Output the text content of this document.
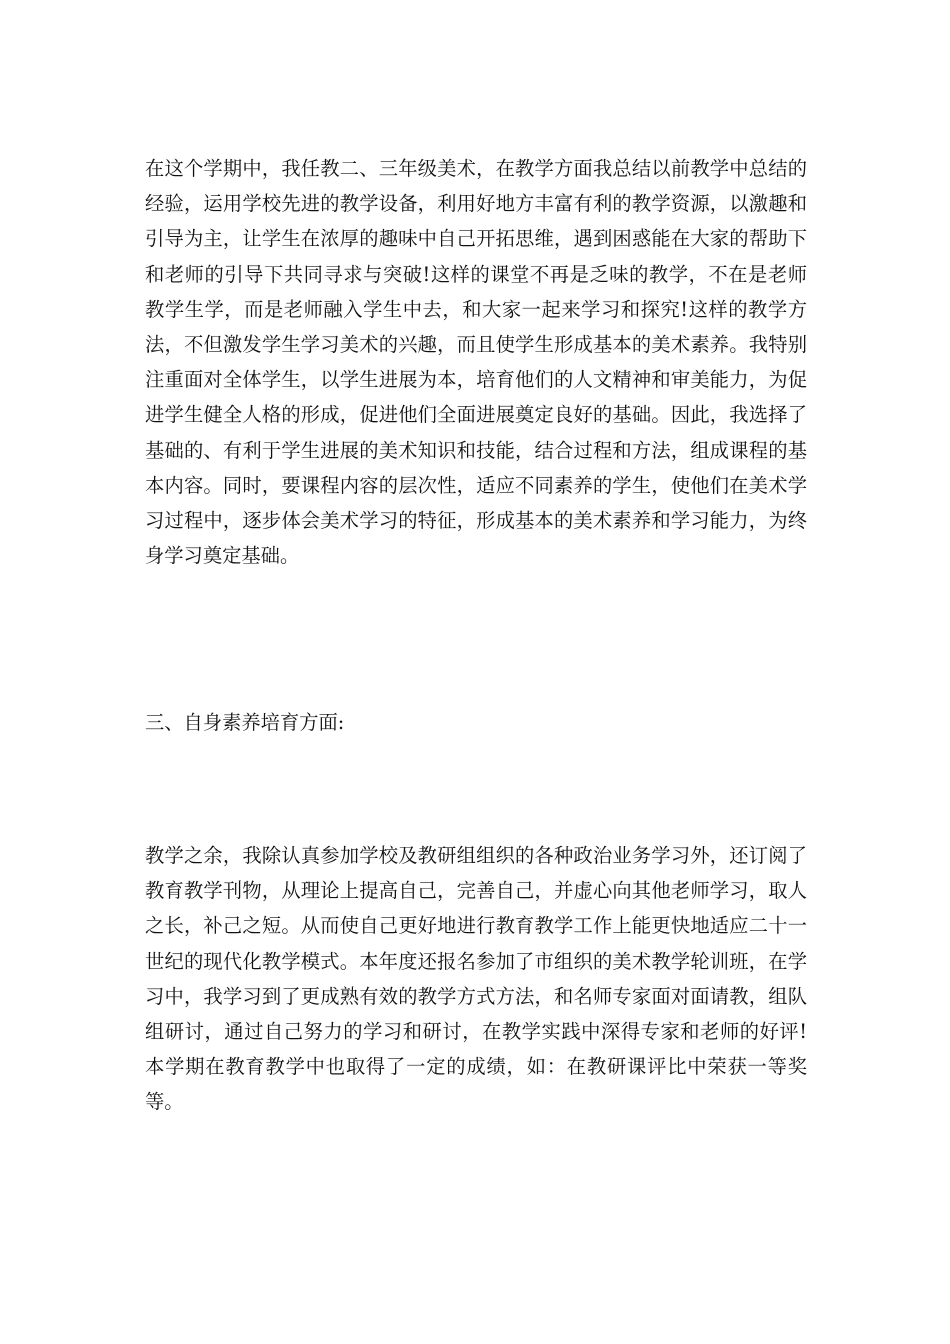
在这个学期中，我任教二、三年级美术，在教学方面我总结以前教学中总结的经验，运用学校先进的教学设备，利用好地方丰富有利的教学资源，以激趣和引导为主，让学生在浓厚的趣味中自己开拓思维，遇到困惑能在大家的帮助下和老师的引导下共同寻求与突破!这样的课堂不再是乏味的教学，不在是老师教学生学，而是老师融入学生中去，和大家一起来学习和探究!这样的教学方法，不但激发学生学习美术的兴趣，而且使学生形成基本的美术素养。我特别注重面对全体学生，以学生进展为本，培育他们的人文精神和审美能力，为促进学生健全人格的形成，促进他们全面进展奠定良好的基础。因此，我选择了基础的、有利于学生进展的美术知识和技能，结合过程和方法，组成课程的基本内容。同时，要课程内容的层次性，适应不同素养的学生，使他们在美术学习过程中，逐步体会美术学习的特征，形成基本的美术素养和学习能力，为终身学习奠定基础。

三、自身素养培育方面:

教学之余，我除认真参加学校及教研组组织的各种政治业务学习外，还订阅了教育教学刊物，从理论上提高自己，完善自己，并虚心向其他老师学习，取人之长，补己之短。从而使自己更好地进行教育教学工作上能更快地适应二十一世纪的现代化教学模式。本年度还报名参加了市组织的美术教学轮训班，在学习中，我学习到了更成熟有效的教学方式方法，和名师专家面对面请教，组队组研讨，通过自己努力的学习和研讨，在教学实践中深得专家和老师的好评!本学期在教育教学中也取得了一定的成绩，如：在教研课评比中荣获一等奖等。
